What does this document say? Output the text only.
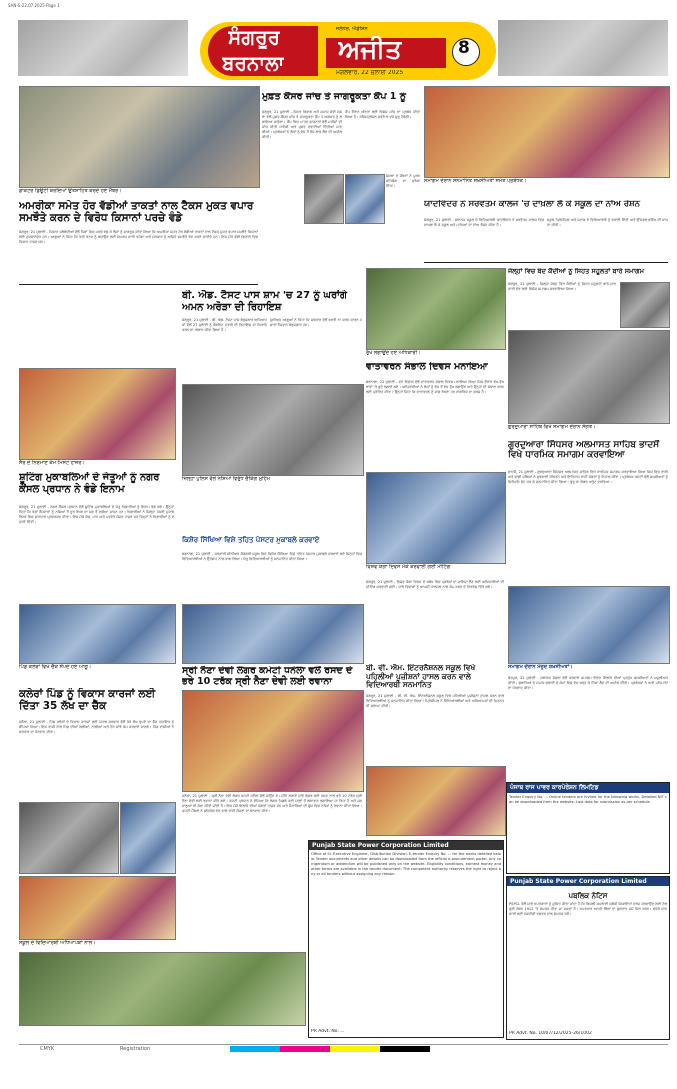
SAN-S-22.07.2025-Page 1
ਸੰਗਰੂਰ
ਬਰਨਾਲਾ ਅਜੀਤ
ਜਲੰਧਰ, ਐਡੀਸ਼ਨ
ਮੰਗਲਵਾਰ, 22 ਜੁਲਾਈ 2025
8
ਡਾਕਟਰ ਡਿਊਟੀ ਕਰਦਿਆਂ ਉਤਸ਼ਾਹਿਤ ਕਰਦੇ ਹੋਏ ਮੈਂਬਰ।
ਅਮਰੀਕਾ ਸਮੇਤ ਹੋਰ ਵੱਡੀਆਂ ਤਾਕਤਾਂ ਨਾਲ ਟੈਕਸ ਮੁਕਤ ਵਪਾਰ ਸਮਝੌਤੇ ਕਰਨ ਦੇ ਵਿਰੋਧ ਕਿਸਾਨਾਂ ਪਰਚੇ ਵੰਡੇ
ਸੰਗਰੂਰ, 21 ਜੁਲਾਈ - ਕਿਸਾਨ ਜਥੇਬੰਦੀਆਂ ਵੱਲੋਂ ਪਿੰਡਾਂ ਵਿਚ ਪਰਚੇ ਵੰਡ ਕੇ ਲੋਕਾਂ ਨੂੰ ਜਾਗਰੂਕ ਕੀਤਾ ਗਿਆ ਕਿ ਅਮਰੀਕਾ ਸਮੇਤ ਹੋਰ ਵੱਡੀਆਂ ਤਾਕਤਾਂ ਨਾਲ ਟੈਕਸ ਮੁਕਤ ਵਪਾਰ ਸਮਝੌਤੇ ਕਿਸਾਨਾਂ ਲਈ ਨੁਕਸਾਨਦੇਹ ਹਨ। ਆਗੂਆਂ ਨੇ ਕਿਹਾ ਕਿ ਖੇਤੀ ਖੇਤਰ ਨੂੰ ਬਚਾਉਣ ਲਈ ਸੰਘਰਸ਼ ਜਾਰੀ ਰਹੇਗਾ ਅਤੇ ਸਰਕਾਰ ਨੂੰ ਅਜਿਹੇ ਸਮਝੌਤੇ ਰੱਦ ਕਰਨੇ ਚਾਹੀਦੇ ਹਨ। ਇਸ ਮੌਕੇ ਵੱਡੀ ਗਿਣਤੀ ਵਿਚ ਕਿਸਾਨ ਹਾਜ਼ਰ ਸਨ।
ਸੈਰ ਦੇ ਨਿਰਮਾਣ ਕੰਮ ਮਿਸਟ ਹਾਜ਼ਰ।
ਸ਼ੂਟਿੰਗ ਮੁਕਾਬਲਿਆਂ ਦੇ ਜੇਤੂਆਂ ਨੂੰ ਨਗਰ ਕੌਂਸਲ ਪ੍ਰਧਾਨ ਨੇ ਵੰਡੇ ਇਨਾਮ
ਸੰਗਰੂਰ, 21 ਜੁਲਾਈ - ਨਗਰ ਕੌਂਸਲ ਪ੍ਰਧਾਨ ਵੱਲੋਂ ਸ਼ੂਟਿੰਗ ਮੁਕਾਬਲਿਆਂ ਦੇ ਜੇਤੂ ਖਿਡਾਰੀਆਂ ਨੂੰ ਇਨਾਮ ਵੰਡੇ ਗਏ। ਉਨ੍ਹਾਂ ਕਿਹਾ ਕਿ ਖੇਡਾਂ ਨੌਜਵਾਨਾਂ ਨੂੰ ਨਸ਼ਿਆਂ ਤੋਂ ਦੂਰ ਰੱਖਣ ਦਾ ਸਭ ਤੋਂ ਵਧੀਆ ਸਾਧਨ ਹਨ। ਖਿਡਾਰੀਆਂ ਨੇ ਜ਼ਿਲ੍ਹਾ ਪੱਧਰੀ ਮੁਕਾਬਲਿਆਂ ਵਿਚ ਸ਼ਾਨਦਾਰ ਪ੍ਰਦਰਸ਼ਨ ਕੀਤਾ। ਇਸ ਮੌਕੇ ਕੋਚ, ਮਾਪੇ ਅਤੇ ਪਤਵੰਤੇ ਸੱਜਣ ਹਾਜ਼ਰ ਸਨ ਜਿਨ੍ਹਾਂ ਨੇ ਖਿਡਾਰੀਆਂ ਨੂੰ ਵਧਾਈ ਦਿੱਤੀ।
ਪਿੰਡ ਕਲੇਰਾਂ ਵਿਖੇ ਚੈੱਕ ਸੌਂਪਦੇ ਹੋਏ ਆਗੂ।
ਕਲੇਰਾਂ ਪਿੰਡ ਨੂੰ ਵਿਕਾਸ ਕਾਰਜਾਂ ਲਈ ਦਿੱਤਾ 35 ਲੱਖ ਦਾ ਚੈੱਕ
ਧਨੌਲਾ, 21 ਜੁਲਾਈ - ਪਿੰਡ ਕਲੇਰਾਂ ਦੇ ਵਿਕਾਸ ਕਾਰਜਾਂ ਲਈ ਪੰਜਾਬ ਸਰਕਾਰ ਵੱਲੋਂ 35 ਲੱਖ ਰੁਪਏ ਦਾ ਚੈੱਕ ਪੰਚਾਇਤ ਨੂੰ ਸੌਂਪਿਆ ਗਿਆ। ਇਸ ਰਾਸ਼ੀ ਨਾਲ ਪਿੰਡ ਦੀਆਂ ਗਲੀਆਂ, ਨਾਲੀਆਂ ਅਤੇ ਹੋਰ ਸਾਂਝੇ ਕੰਮ ਕਰਵਾਏ ਜਾਣਗੇ। ਪਿੰਡ ਵਾਸੀਆਂ ਨੇ ਸਰਕਾਰ ਦਾ ਧੰਨਵਾਦ ਕੀਤਾ।
ਸਕੂਲ ਦੇ ਵਿਦਿਆਰਥੀ ਅਧਿਆਪਕਾਂ ਨਾਲ।
ਮੁਫ਼ਤ ਕੈਂਸਰ ਜਾਂਚ ਤੇ ਜਾਗਰੂਕਤਾ ਕੈਂਪ 1 ਨੂੰ
ਸੰਗਰੂਰ, 21 ਜੁਲਾਈ - ਸਿਹਤ ਵਿਭਾਗ ਅਤੇ ਸਮਾਜ ਸੇਵੀ ਸੰਸਥਾ ਵੱਲੋਂ ਮੁਫ਼ਤ ਕੈਂਸਰ ਜਾਂਚ ਤੇ ਜਾਗਰੂਕਤਾ ਕੈਂਪ 1 ਅਗਸਤ ਨੂੰ ਲਗਾਇਆ ਜਾਵੇਗਾ। ਕੈਂਪ ਵਿਚ ਮਾਹਰ ਡਾਕਟਰਾਂ ਵੱਲੋਂ ਮਰੀਜ਼ਾਂ ਦੀ ਜਾਂਚ ਕੀਤੀ ਜਾਵੇਗੀ ਅਤੇ ਮੁਫ਼ਤ ਦਵਾਈਆਂ ਦਿੱਤੀਆਂ ਜਾਣਗੀਆਂ। ਪ੍ਰਬੰਧਕਾਂ ਨੇ ਲੋਕਾਂ ਨੂੰ ਵੱਧ ਤੋਂ ਵੱਧ ਲਾਭ ਲੈਣ ਦੀ ਅਪੀਲ ਕੀਤੀ।
ਕੈਂਪ ਦੌਰਾਨ ਔਰਤਾਂ ਲਈ ਵਿਸ਼ੇਸ਼ ਜਾਂਚ ਦਾ ਪ੍ਰਬੰਧ ਕੀਤਾ ਗਿਆ ਹੈ। ਰਜਿਸਟ੍ਰੇਸ਼ਨ ਸਵੇਰੇ 9 ਵਜੇ ਸ਼ੁਰੂ ਹੋਵੇਗੀ।
ਸੰਸਥਾ ਦੇ ਮੈਂਬਰਾਂ ਨੇ ਪੂਰਨ ਸਹਿਯੋਗ ਦਾ ਭਰੋਸਾ ਦਿੱਤਾ।
ਬੀ. ਐਡ. ਟੈਸਟ ਪਾਸ ਸ਼ਾਮ 'ਚ 27 ਨੂੰ ਘਰਾਂਗੇ ਅਮਨ ਅਰੋੜਾ ਦੀ ਰਿਹਾਇਸ਼
ਸੰਗਰੂਰ, 21 ਜੁਲਾਈ - ਬੀ. ਐਡ. ਟੈਸਟ ਪਾਸ ਬੇਰੁਜ਼ਗਾਰ ਅਧਿਆਪਕਾਂ ਵੱਲੋਂ 27 ਜੁਲਾਈ ਨੂੰ ਕੈਬਨਿਟ ਮੰਤਰੀ ਦੀ ਰਿਹਾਇਸ਼ ਦਾ ਘਿਰਾਓ ਕਰਨ ਦਾ ਐਲਾਨ ਕੀਤਾ ਗਿਆ ਹੈ।
ਯੂਨੀਅਨ ਆਗੂਆਂ ਨੇ ਕਿਹਾ ਕਿ ਸਰਕਾਰ ਵੱਲੋਂ ਭਰਤੀ ਨਾ ਕਰਨ ਕਾਰਨ ਹਜ਼ਾਰਾਂ ਨੌਜਵਾਨ ਬੇਰੁਜ਼ਗਾਰ ਹਨ।
ਜ਼ਿਲ੍ਹਾ ਪੁਲਿਸ ਵੱਲੋਂ ਨਸ਼ਿਆਂ ਵਿਰੁੱਧ ਚੈਕਿੰਗ ਮੁਹਿੰਮ
ਕਿਸ਼ੋਰ ਸਿੱਖਿਆ ਵਿਸ਼ੇ ਤਹਿਤ ਪੋਸਟਰ ਮੁਕਾਬਲੇ ਕਰਵਾਏ
ਬਰਨਾਲਾ, 21 ਜੁਲਾਈ - ਸਰਕਾਰੀ ਸੀਨੀਅਰ ਸੈਕੰਡਰੀ ਸਕੂਲ ਵਿਖੇ ਕਿਸ਼ੋਰ ਸਿੱਖਿਆ ਵਿਸ਼ੇ ਤਹਿਤ ਪੋਸਟਰ ਮੁਕਾਬਲੇ ਕਰਵਾਏ ਗਏ ਜਿਨ੍ਹਾਂ ਵਿਚ ਵਿਦਿਆਰਥੀਆਂ ਨੇ ਉਤਸ਼ਾਹ ਨਾਲ ਭਾਗ ਲਿਆ। ਜੇਤੂ ਵਿਦਿਆਰਥੀਆਂ ਨੂੰ ਸਨਮਾਨਿਤ ਕੀਤਾ ਗਿਆ।
ਸ੍ਰੀ ਨੈਣਾ ਦੇਵੀ ਲੰਗਰ ਕਮੇਟੀ ਧਨੌਲਾ ਵਲੋਂ ਰਸਦ ਦੇ ਭਰੇ 10 ਟਰੱਕ ਸ੍ਰੀ ਨੈਣਾ ਦੇਵੀ ਲਈ ਰਵਾਨਾ
ਧਨੌਲਾ, 21 ਜੁਲਾਈ - ਸ੍ਰੀ ਨੈਣਾ ਦੇਵੀ ਲੰਗਰ ਕਮੇਟੀ ਧਨੌਲਾ ਵੱਲੋਂ ਸਾਉਣ ਦੇ ਮਹੀਨੇ ਲਗਾਏ ਜਾਂਦੇ ਲੰਗਰ ਲਈ ਰਸਦ ਨਾਲ ਭਰੇ 10 ਟਰੱਕ ਸ੍ਰੀ ਨੈਣਾ ਦੇਵੀ ਲਈ ਰਵਾਨਾ ਕੀਤੇ ਗਏ। ਕਮੇਟੀ ਪ੍ਰਧਾਨ ਨੇ ਦੱਸਿਆ ਕਿ ਲੰਗਰ ਪਿਛਲੇ ਕਈ ਸਾਲਾਂ ਤੋਂ ਲਗਾਤਾਰ ਲਗਾਇਆ ਜਾ ਰਿਹਾ ਹੈ ਅਤੇ ਸ਼ਰਧਾਲੂਆਂ ਦੀ ਸੇਵਾ ਕੀਤੀ ਜਾਂਦੀ ਹੈ। ਇਸ ਮੌਕੇ ਇਲਾਕੇ ਦੀਆਂ ਸੰਗਤਾਂ ਹਾਜ਼ਰ ਸਨ ਅਤੇ ਜੈਕਾਰਿਆਂ ਦੀ ਗੂੰਜ ਵਿਚ ਟਰੱਕਾਂ ਨੂੰ ਰਵਾਨਾ ਕੀਤਾ ਗਿਆ। ਕਮੇਟੀ ਮੈਂਬਰਾਂ ਨੇ ਸਹਿਯੋਗ ਦੇਣ ਵਾਲੇ ਦਾਨੀ ਸੱਜਣਾਂ ਦਾ ਧੰਨਵਾਦ ਕੀਤਾ।
ਸਮਾਗਮ ਦੌਰਾਨ ਸਨਮਾਨਿਤ ਸ਼ਖ਼ਸੀਅਤਾਂ ਸਮੇਤ ਪ੍ਰਬੰਧਕ।
ਯਾਦਵਿੰਦਰ ਨੇ ਸਰਵੋਤਮ ਕਾਲਜ 'ਚ ਦਾਖ਼ਲਾ ਲੈ ਕੇ ਸਕੂਲ ਦਾ ਨਾਂਅ ਰੌਸ਼ਨ
ਸੰਗਰੂਰ, 21 ਜੁਲਾਈ - ਸਥਾਨਕ ਸਕੂਲ ਦੇ ਵਿਦਿਆਰਥੀ ਯਾਦਵਿੰਦਰ ਨੇ ਸਰਵੋਤਮ ਕਾਲਜ ਵਿਚ ਦਾਖ਼ਲਾ ਲੈ ਕੇ ਸਕੂਲ ਅਤੇ ਮਾਪਿਆਂ ਦਾ ਨਾਂਅ ਰੌਸ਼ਨ ਕੀਤਾ ਹੈ।
ਸਕੂਲ ਪ੍ਰਿੰਸੀਪਲ ਅਤੇ ਸਟਾਫ਼ ਨੇ ਵਿਦਿਆਰਥੀ ਨੂੰ ਵਧਾਈ ਦਿੱਤੀ ਅਤੇ ਉੱਜਵਲ ਭਵਿੱਖ ਦੀ ਕਾਮਨਾ ਕੀਤੀ।
ਰੁੱਖ ਲਗਾਉਂਦੇ ਹੋਏ ਅਧਿਕਾਰੀ।
ਵਾਤਾਵਰਨ ਸੰਭਾਲ ਦਿਵਸ ਮਨਾਇਆ
ਬਰਨਾਲਾ, 21 ਜੁਲਾਈ - ਵਣ ਵਿਭਾਗ ਵੱਲੋਂ ਵਾਤਾਵਰਨ ਸੰਭਾਲ ਦਿਵਸ ਮਨਾਇਆ ਗਿਆ ਜਿਸ ਦੌਰਾਨ ਵੱਖ-ਵੱਖ ਥਾਵਾਂ 'ਤੇ ਬੂਟੇ ਲਗਾਏ ਗਏ। ਅਧਿਕਾਰੀਆਂ ਨੇ ਲੋਕਾਂ ਨੂੰ ਵੱਧ ਤੋਂ ਵੱਧ ਰੁੱਖ ਲਗਾਉਣ ਅਤੇ ਉਨ੍ਹਾਂ ਦੀ ਸੰਭਾਲ ਕਰਨ ਲਈ ਪ੍ਰੇਰਿਤ ਕੀਤਾ। ਉਨ੍ਹਾਂ ਕਿਹਾ ਕਿ ਵਾਤਾਵਰਨ ਨੂੰ ਸਾਫ਼ ਰੱਖਣਾ ਹਰ ਨਾਗਰਿਕ ਦਾ ਫ਼ਰਜ਼ ਹੈ।
ਵਿਸ਼ਵ ਯੋਗਾ ਦਿਵਸ ਮੌਕੇ ਕਰਵਾਈ ਗਈ ਮੀਟਿੰਗ
ਸੰਗਰੂਰ, 21 ਜੁਲਾਈ - ਵਿਸ਼ਵ ਯੋਗਾ ਦਿਵਸ ਦੇ ਸਬੰਧ ਵਿਚ ਪ੍ਰਬੰਧਾਂ ਦਾ ਜਾਇਜ਼ਾ ਲੈਣ ਲਈ ਅਧਿਕਾਰੀਆਂ ਦੀ ਮੀਟਿੰਗ ਕਰਵਾਈ ਗਈ। ਸਾਰੇ ਵਿਭਾਗਾਂ ਨੂੰ ਆਪਸੀ ਤਾਲਮੇਲ ਨਾਲ ਕੰਮ ਕਰਨ ਦੇ ਨਿਰਦੇਸ਼ ਦਿੱਤੇ ਗਏ।
ਬੀ. ਵੀ. ਐਮ. ਇੰਟਰਨੈਸ਼ਨਲ ਸਕੂਲ ਵਿਖੇ ਪਹਿਲੀਆਂ ਪੁਜ਼ੀਸ਼ਨਾਂ ਹਾਸਲ ਕਰਨ ਵਾਲੇ ਵਿਦਿਆਰਥੀ ਸਨਮਾਨਿਤ
ਸੰਗਰੂਰ, 21 ਜੁਲਾਈ - ਬੀ. ਵੀ. ਐਮ. ਇੰਟਰਨੈਸ਼ਨਲ ਸਕੂਲ ਵਿਖੇ ਪਹਿਲੀਆਂ ਪੁਜ਼ੀਸ਼ਨਾਂ ਹਾਸਲ ਕਰਨ ਵਾਲੇ ਵਿਦਿਆਰਥੀਆਂ ਨੂੰ ਸਨਮਾਨਿਤ ਕੀਤਾ ਗਿਆ। ਪ੍ਰਿੰਸੀਪਲ ਨੇ ਵਿਦਿਆਰਥੀਆਂ ਅਤੇ ਅਧਿਆਪਕਾਂ ਦੀ ਮਿਹਨਤ ਦੀ ਸ਼ਲਾਘਾ ਕੀਤੀ।
ਜੇਲ੍ਹਾਂ ਵਿਚ ਬੰਦ ਕੈਦੀਆਂ ਨੂੰ ਸਿਹਤ ਸਹੂਲਤਾਂ ਬਾਰੇ ਸਮਾਗਮ
ਸੰਗਰੂਰ, 21 ਜੁਲਾਈ - ਜ਼ਿਲ੍ਹਾ ਜੇਲ੍ਹ ਵਿਖੇ ਕੈਦੀਆਂ ਨੂੰ ਸਿਹਤ ਸਹੂਲਤਾਂ ਬਾਰੇ ਜਾਣਕਾਰੀ ਦੇਣ ਲਈ ਵਿਸ਼ੇਸ਼ ਸਮਾਗਮ ਕਰਵਾਇਆ ਗਿਆ।
ਗੁਰਦੁਆਰਾ ਸਾਹਿਬ ਵਿਖੇ ਸਮਾਗਮ ਦੌਰਾਨ ਸੰਗਤ।
ਗੁਰਦੁਆਰਾ ਸਿੱਧਸਰ ਅਲਮਾਸਤ ਸਾਹਿਬ ਭਾਦਸੋਂ ਵਿਖੇ ਧਾਰਮਿਕ ਸਮਾਗਮ ਕਰਵਾਇਆ
ਭਾਦਸੋਂ, 21 ਜੁਲਾਈ - ਗੁਰਦੁਆਰਾ ਸਿੱਧਸਰ ਅਲਮਾਸਤ ਸਾਹਿਬ ਵਿਖੇ ਧਾਰਮਿਕ ਸਮਾਗਮ ਕਰਵਾਇਆ ਗਿਆ ਜਿਸ ਵਿਚ ਰਾਗੀ ਅਤੇ ਢਾਡੀ ਜਥਿਆਂ ਨੇ ਗੁਰਬਾਣੀ ਕੀਰਤਨ ਅਤੇ ਇਤਿਹਾਸ ਰਾਹੀਂ ਸੰਗਤਾਂ ਨੂੰ ਨਿਹਾਲ ਕੀਤਾ। ਪ੍ਰਬੰਧਕ ਕਮੇਟੀ ਵੱਲੋਂ ਸ਼ਖ਼ਸੀਅਤਾਂ ਨੂੰ ਸਿਰੋਪਾਓ ਭੇਟ ਕਰ ਕੇ ਸਨਮਾਨਿਤ ਕੀਤਾ ਗਿਆ। ਗੁਰੂ ਕਾ ਲੰਗਰ ਅਤੁੱਟ ਵਰਤਿਆ।
ਸਮਾਗਮ ਦੌਰਾਨ ਮੌਜੂਦ ਸ਼ਖ਼ਸੀਅਤਾਂ।
ਸ਼ੇਰਪੁਰ, 21 ਜੁਲਾਈ - ਸਥਾਨਕ ਸੰਸਥਾ ਵੱਲੋਂ ਕਰਵਾਏ ਸਮਾਗਮ ਦੌਰਾਨ ਇਲਾਕੇ ਦੀਆਂ ਪ੍ਰਮੁੱਖ ਸ਼ਖ਼ਸੀਅਤਾਂ ਨੇ ਸ਼ਮੂਲੀਅਤ ਕੀਤੀ। ਬੁਲਾਰਿਆਂ ਨੇ ਸਮਾਜ ਭਲਾਈ ਦੇ ਕੰਮਾਂ ਵਿਚ ਵੱਧ ਚੜ੍ਹ ਕੇ ਹਿੱਸਾ ਲੈਣ ਦੀ ਅਪੀਲ ਕੀਤੀ। ਪ੍ਰਬੰਧਕਾਂ ਨੇ ਆਏ ਮਹਿਮਾਨਾਂ ਦਾ ਧੰਨਵਾਦ ਕੀਤਾ।
ਪੰਜਾਬ ਰਾਜ ਪਾਵਰ ਕਾਰਪੋਰੇਸ਼ਨ ਲਿਮਟਿਡ
Tender Enquiry No. ... Online tenders are invited for the following works. Detailed NIT can be downloaded from the website. Last date for submission as per schedule.
Punjab State Power Corporation Limited
Office of Sr. Executive Engineer, Distribution Division. E-tender Enquiry No. ... for the works detailed below. Tender documents and other details can be downloaded from the official e-procurement portal. Any corrigendum or addendum will be published only on the website. Eligibility conditions, earnest money and other terms are available in the tender document. The competent authority reserves the right to reject any or all tenders without assigning any reason.
PR Advt. No. ...
Punjab State Power Corporation Limited
ਪਬਲਿਕ ਨੋਟਿਸ
PSPCL ਵੱਲੋਂ ਸਾਰੇ ਖਪਤਕਾਰਾਂ ਨੂੰ ਸੂਚਿਤ ਕੀਤਾ ਜਾਂਦਾ ਹੈ ਕਿ ਬਿਜਲੀ ਸਪਲਾਈ ਸਬੰਧੀ ਸ਼ਿਕਾਇਤਾਂ ਦਰਜ ਕਰਵਾਉਣ ਲਈ ਟੋਲ ਫ੍ਰੀ ਨੰਬਰ 1912 'ਤੇ ਸੰਪਰਕ ਕੀਤਾ ਜਾ ਸਕਦਾ ਹੈ। ਖਪਤਕਾਰ ਆਪਣੇ ਬਿੱਲਾਂ ਦਾ ਭੁਗਤਾਨ ਸਮੇਂ ਸਿਰ ਕਰਨ। ਵਧੇਰੇ ਜਾਣਕਾਰੀ ਲਈ ਨਜ਼ਦੀਕੀ ਦਫ਼ਤਰ ਨਾਲ ਸੰਪਰਕ ਕਰੋ।
PR Advt. No. 10/07/12/2025-26/1002
CMYK	Registration
